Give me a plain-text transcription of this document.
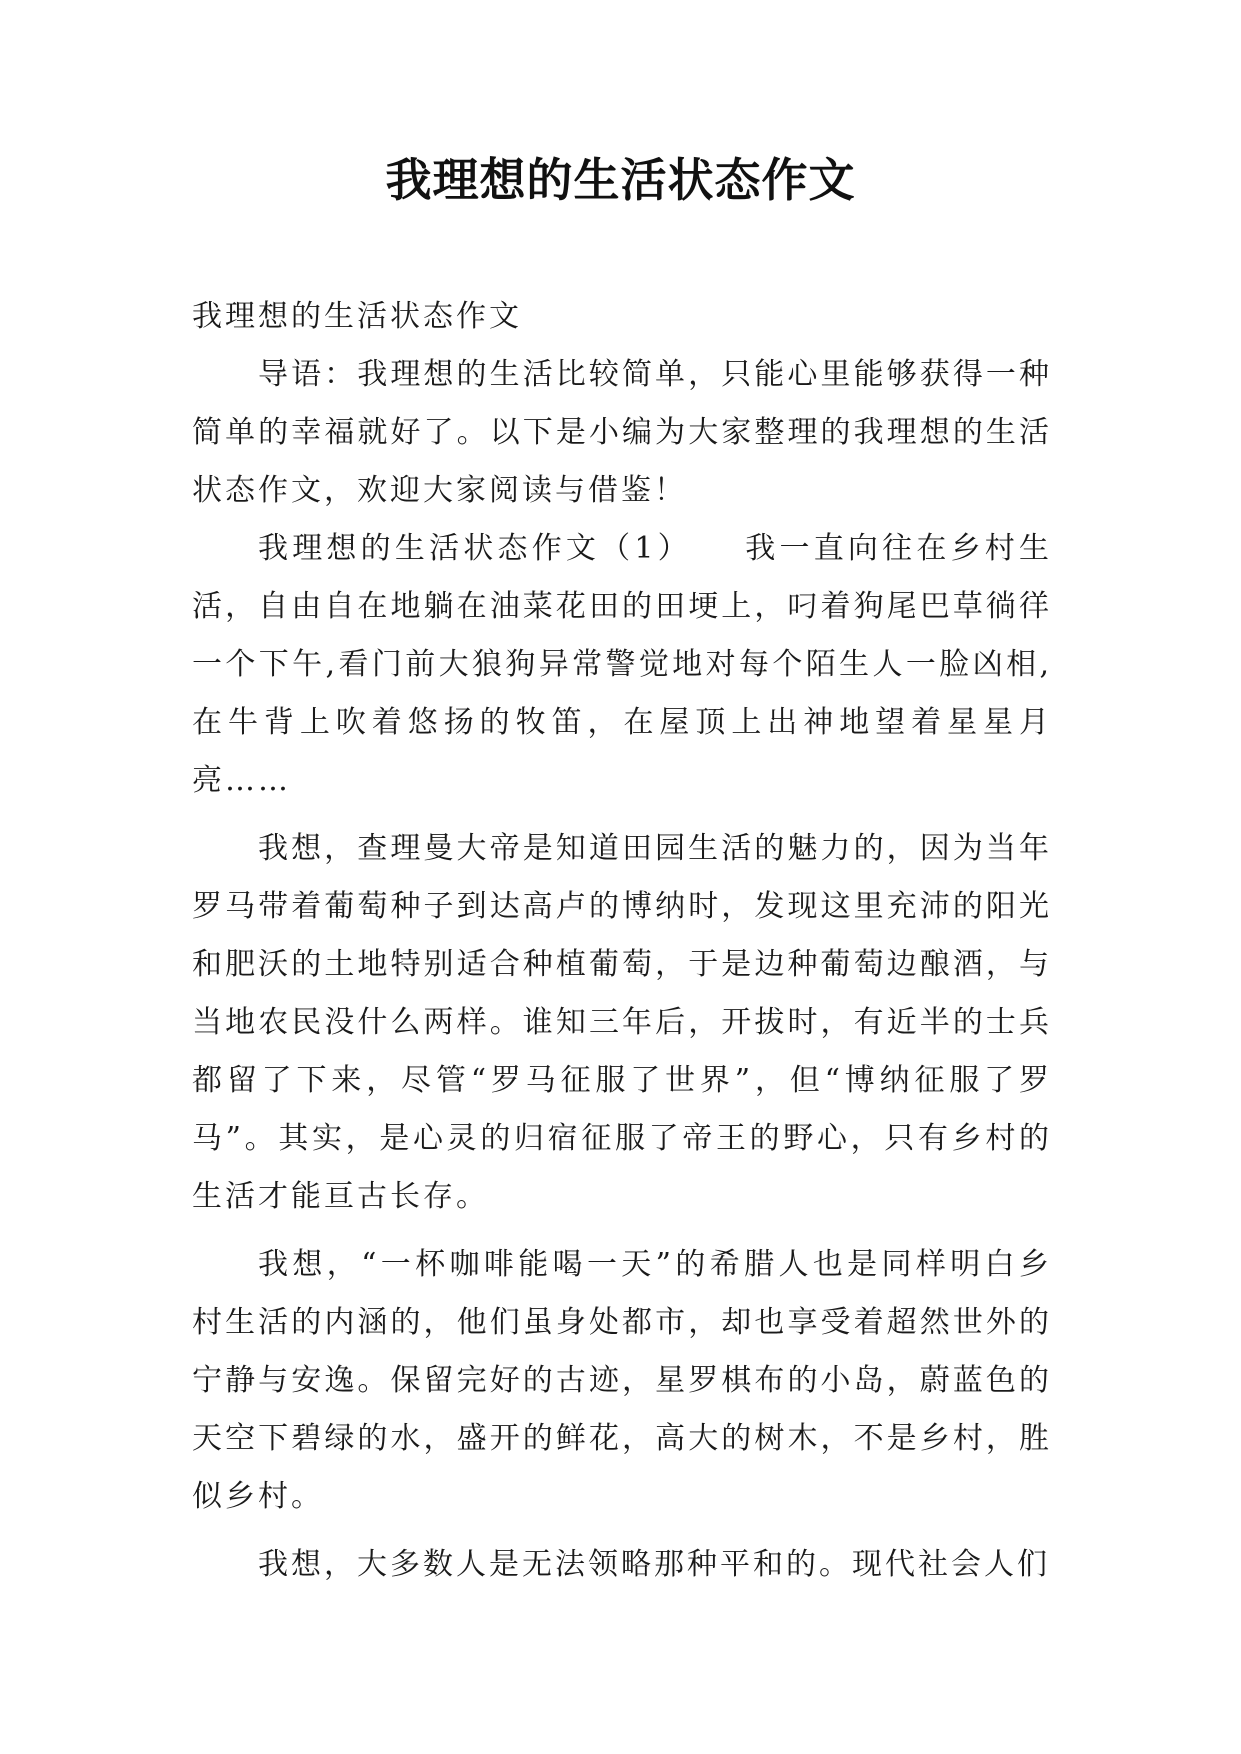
我理想的生活状态作文

我理想的生活状态作文

导语：我理想的生活比较简单，只能心里能够获得一种简单的幸福就好了。以下是小编为大家整理的我理想的生活状态作文，欢迎大家阅读与借鉴！

我理想的生活状态作文（1）　　我一直向往在乡村生活，自由自在地躺在油菜花田的田埂上，叼着狗尾巴草徜徉一个下午,看门前大狼狗异常警觉地对每个陌生人一脸凶相,在牛背上吹着悠扬的牧笛，在屋顶上出神地望着星星月亮……

我想，查理曼大帝是知道田园生活的魅力的，因为当年罗马带着葡萄种子到达高卢的博纳时，发现这里充沛的阳光和肥沃的土地特别适合种植葡萄，于是边种葡萄边酿酒，与当地农民没什么两样。谁知三年后，开拔时，有近半的士兵都留了下来，尽管“罗马征服了世界”，但“博纳征服了罗马”。其实，是心灵的归宿征服了帝王的野心，只有乡村的生活才能亘古长存。

我想，“一杯咖啡能喝一天”的希腊人也是同样明白乡村生活的内涵的，他们虽身处都市，却也享受着超然世外的宁静与安逸。保留完好的古迹，星罗棋布的小岛，蔚蓝色的天空下碧绿的水，盛开的鲜花，高大的树木，不是乡村，胜似乡村。

我想，大多数人是无法领略那种平和的。现代社会人们
